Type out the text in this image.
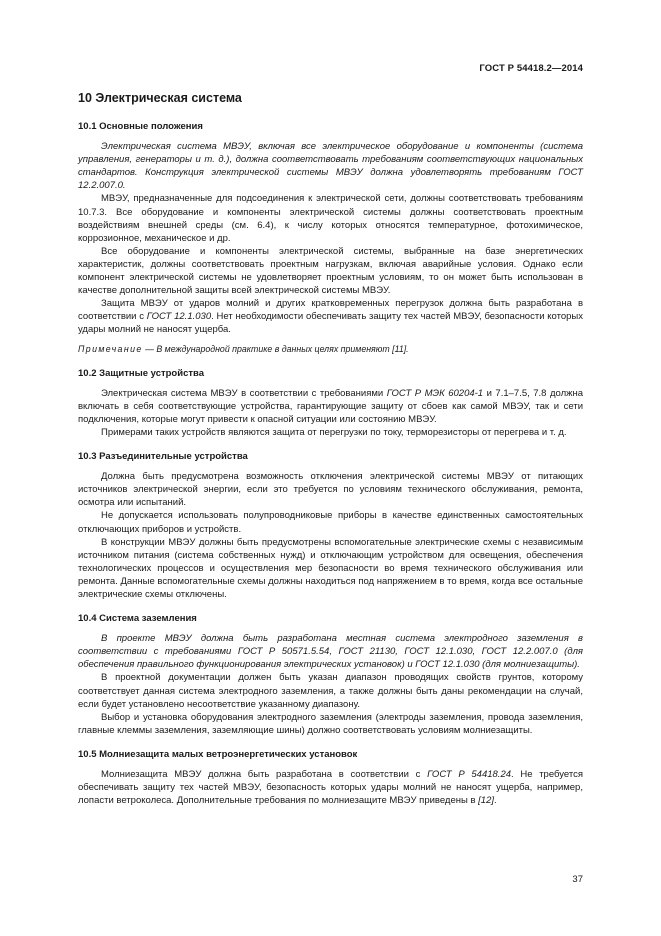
ГОСТ Р 54418.2—2014
10 Электрическая система
10.1 Основные положения

Электрическая система МВЭУ, включая все электрическое оборудование и компоненты (система управления, генераторы и т. д.), должна соответствовать требованиям соответствующих национальных стандартов. Конструкция электрической системы МВЭУ должна удовлетворять требованиям ГОСТ 12.2.007.0.

МВЭУ, предназначенные для подсоединения к электрической сети, должны соответствовать требованиям 10.7.3. Все оборудование и компоненты электрической системы должны соответствовать проектным воздействиям внешней среды (см. 6.4), к числу которых относятся температурное, фотохимическое, коррозионное, механическое и др.

Все оборудование и компоненты электрической системы, выбранные на базе энергетических характеристик, должны соответствовать проектным нагрузкам, включая аварийные условия. Однако если компонент электрической системы не удовлетворяет проектным условиям, то он может быть использован в качестве дополнительной защиты всей электрической системы МВЭУ.

Защита МВЭУ от ударов молний и других кратковременных перегрузок должна быть разработана в соответствии с ГОСТ 12.1.030. Нет необходимости обеспечивать защиту тех частей МВЭУ, безопасности которых удары молний не наносят ущерба.

Примечание — В международной практике в данных целях применяют [11].

10.2 Защитные устройства

Электрическая система МВЭУ в соответствии с требованиями ГОСТ Р МЭК 60204-1 и 7.1–7.5, 7.8 должна включать в себя соответствующие устройства, гарантирующие защиту от сбоев как самой МВЭУ, так и сети подключения, которые могут привести к опасной ситуации или состоянию МВЭУ.

Примерами таких устройств являются защита от перегрузки по току, терморезисторы от перегрева и т. д.

10.3 Разъединительные устройства

Должна быть предусмотрена возможность отключения электрической системы МВЭУ от питающих источников электрической энергии, если это требуется по условиям технического обслуживания, ремонта, осмотра или испытаний.

Не допускается использовать полупроводниковые приборы в качестве единственных самостоятельных отключающих приборов и устройств.

В конструкции МВЭУ должны быть предусмотрены вспомогательные электрические схемы с независимым источником питания (система собственных нужд) и отключающим устройством для освещения, обеспечения технологических процессов и осуществления мер безопасности во время технического обслуживания или ремонта. Данные вспомогательные схемы должны находиться под напряжением в то время, когда все остальные электрические схемы отключены.

10.4 Система заземления

В проекте МВЭУ должна быть разработана местная система электродного заземления в соответствии с требованиями ГОСТ Р 50571.5.54, ГОСТ 21130, ГОСТ 12.1.030, ГОСТ 12.2.007.0 (для обеспечения правильного функционирования электрических установок) и ГОСТ 12.1.030 (для молниезащиты).

В проектной документации должен быть указан диапазон проводящих свойств грунтов, которому соответствует данная система электродного заземления, а также должны быть даны рекомендации на случай, если будет установлено несоответствие указанному диапазону.

Выбор и установка оборудования электродного заземления (электроды заземления, провода заземления, главные клеммы заземления, заземляющие шины) должно соответствовать условиям молниезащиты.

10.5 Молниезащита малых ветроэнергетических установок

Молниезащита МВЭУ должна быть разработана в соответствии с ГОСТ Р 54418.24. Не требуется обеспечивать защиту тех частей МВЭУ, безопасность которых удары молний не наносят ущерба, например, лопасти ветроколеса. Дополнительные требования по молниезащите МВЭУ приведены в [12].

37
